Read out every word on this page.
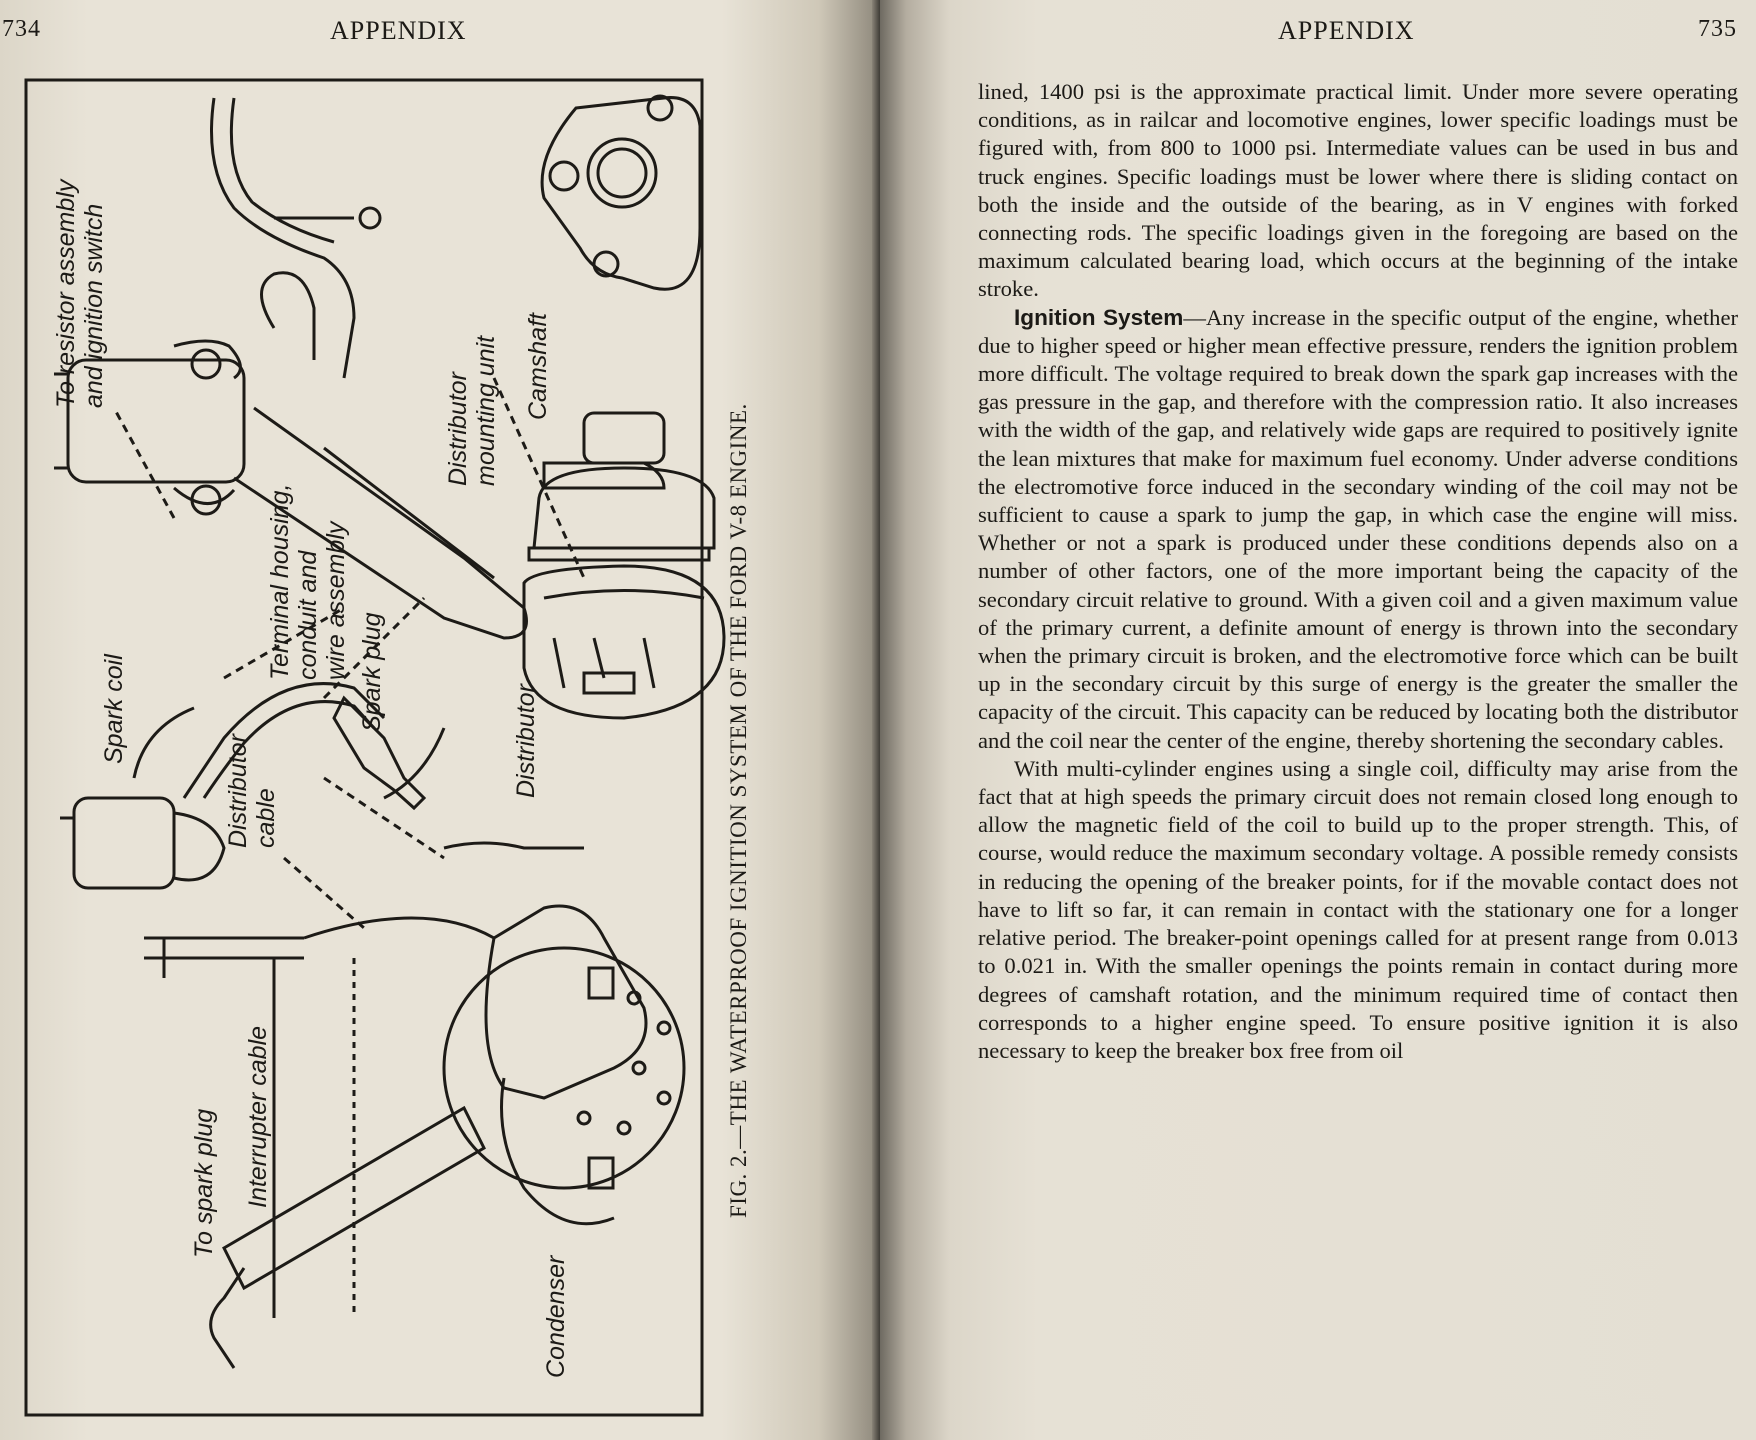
734	APPENDIX
To resistor assembly and ignition switch
Terminal housing, conduit and wire assembly
Distributor mounting unit Camshaft
Spark coil
Distributor cable
Spark plug
Distributor
To spark plug Interrupter cable
Condenser
FIG. 2.—THE WATERPROOF IGNITION SYSTEM OF THE FORD V-8 ENGINE.
APPENDIX	735

lined, 1400 psi is the approximate practical limit. Under more severe operating conditions, as in railcar and locomotive engines, lower specific loadings must be figured with, from 800 to 1000 psi. Intermediate values can be used in bus and truck engines. Specific loadings must be lower where there is sliding contact on both the inside and the outside of the bearing, as in V engines with forked connecting rods. The specific loadings given in the foregoing are based on the maximum calculated bearing load, which occurs at the beginning of the intake stroke.

Ignition System—Any increase in the specific output of the engine, whether due to higher speed or higher mean effective pressure, renders the ignition problem more difficult. The voltage required to break down the spark gap increases with the gas pressure in the gap, and therefore with the compression ratio. It also increases with the width of the gap, and relatively wide gaps are required to positively ignite the lean mixtures that make for maximum fuel economy. Under adverse conditions the electromotive force induced in the secondary winding of the coil may not be sufficient to cause a spark to jump the gap, in which case the engine will miss. Whether or not a spark is produced under these conditions depends also on a number of other factors, one of the more important being the capacity of the secondary circuit relative to ground. With a given coil and a given maximum value of the primary current, a definite amount of energy is thrown into the secondary when the primary circuit is broken, and the electromotive force which can be built up in the secondary circuit by this surge of energy is the greater the smaller the capacity of the circuit. This capacity can be reduced by locating both the distributor and the coil near the center of the engine, thereby shortening the secondary cables.

With multi-cylinder engines using a single coil, difficulty may arise from the fact that at high speeds the primary circuit does not remain closed long enough to allow the magnetic field of the coil to build up to the proper strength. This, of course, would reduce the maximum secondary voltage. A possible remedy consists in reducing the opening of the breaker points, for if the movable contact does not have to lift so far, it can remain in contact with the stationary one for a longer relative period. The breaker-point openings called for at present range from 0.013 to 0.021 in. With the smaller openings the points remain in contact during more degrees of camshaft rotation, and the minimum required time of contact then corresponds to a higher engine speed. To ensure positive ignition it is also necessary to keep the breaker box free from oil
